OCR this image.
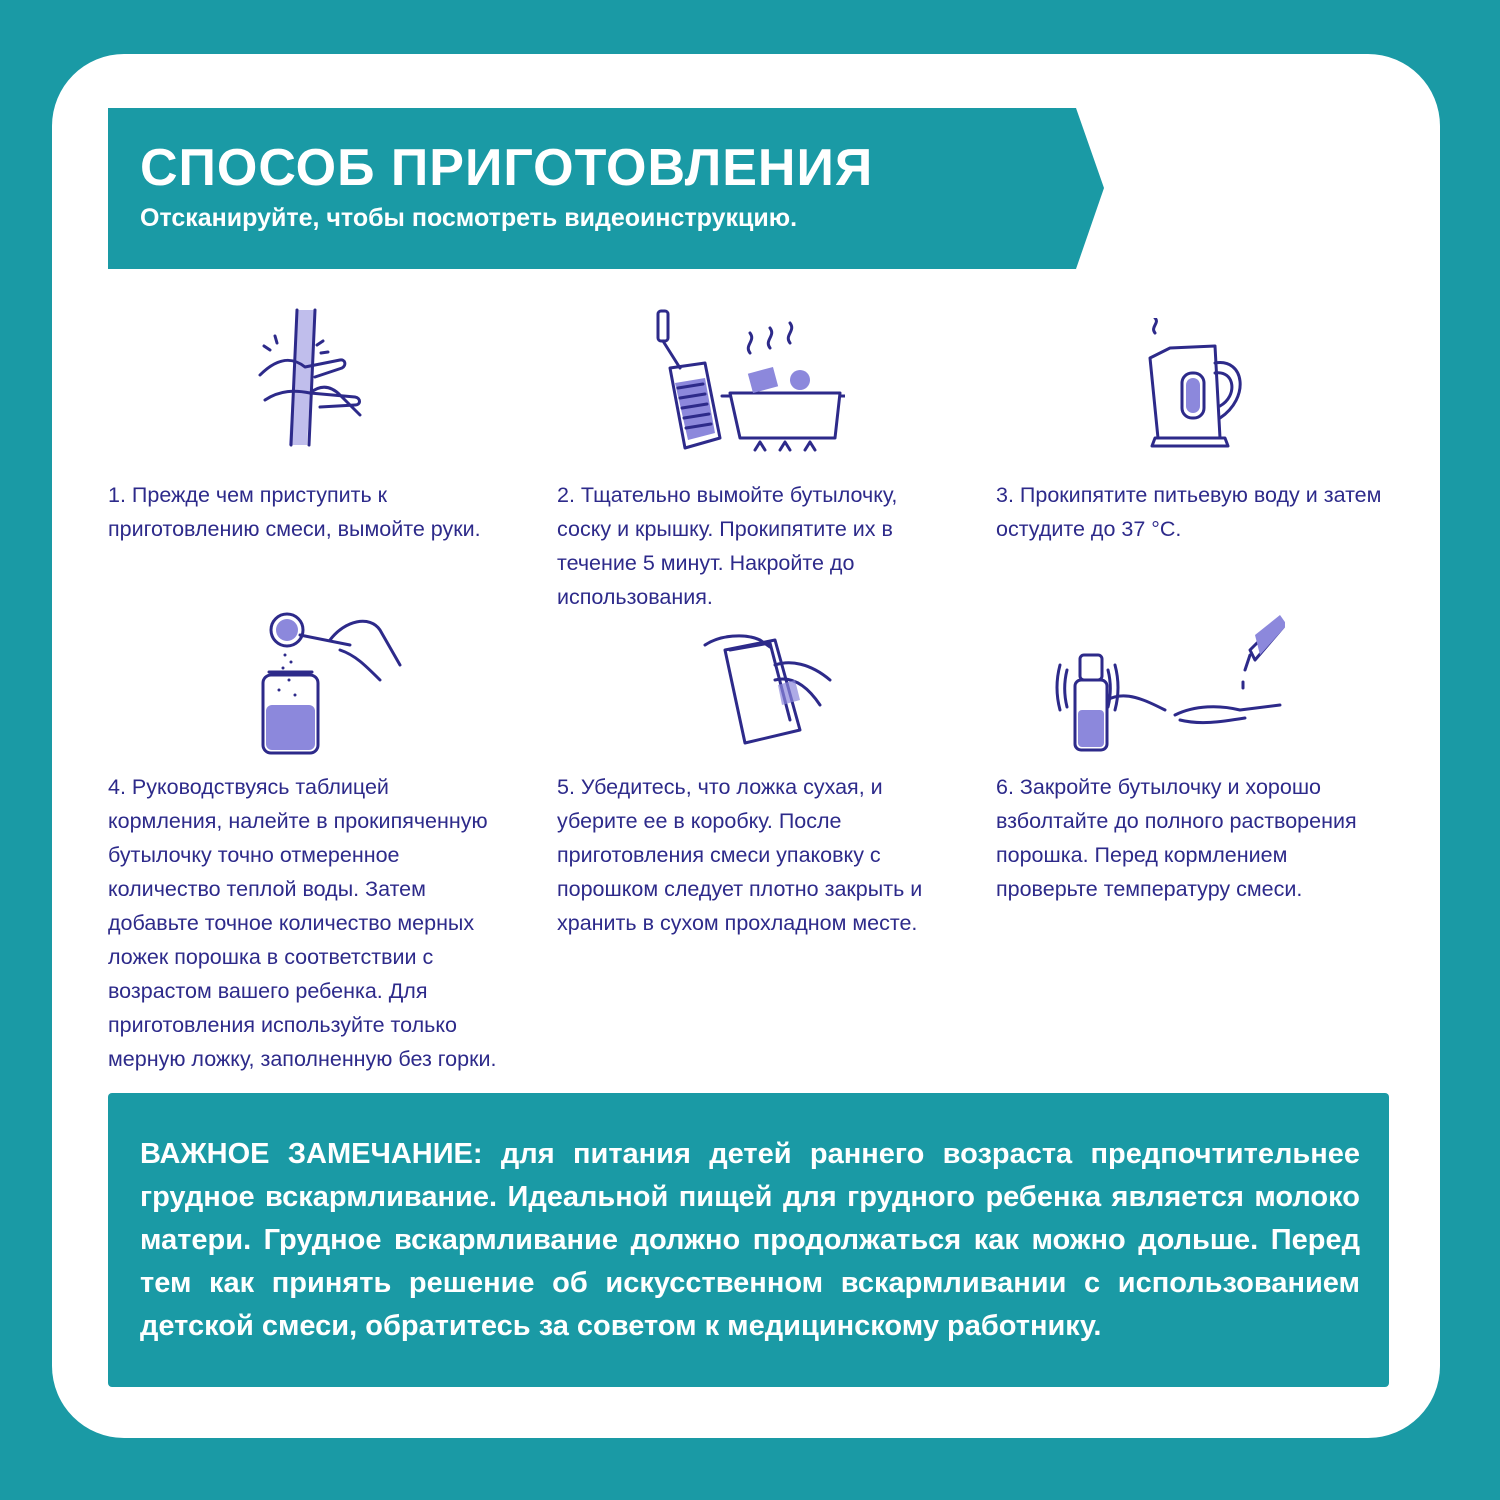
СПОСОБ ПРИГОТОВЛЕНИЯ
Отсканируйте, чтобы посмотреть видеоинструкцию.
1. Прежде чем приступить к приготовлению смеси, вымойте руки.
2. Тщательно вымойте бутылочку, соску и крышку. Прокипятите их в течение 5 минут. Накройте до использования.
3. Прокипятите питьевую воду и затем остудите до 37 °С.
4. Руководствуясь таблицей кормления, налейте в прокипяченную бутылочку точно отмеренное количество теплой воды. Затем добавьте точное количество мерных ложек порошка в соответствии с возрастом вашего ребенка. Для приготовления используйте только мерную ложку, заполненную без горки.
5. Убедитесь, что ложка сухая, и уберите ее в коробку. После приготовления смеси упаковку с порошком следует плотно закрыть и хранить в сухом прохладном месте.
6. Закройте бутылочку и хорошо взболтайте до полного растворения порошка. Перед кормлением проверьте температуру смеси.
ВАЖНОЕ ЗАМЕЧАНИЕ: для питания детей раннего возраста предпочтительнее грудное вскармливание. Идеальной пищей для грудного ребенка является молоко матери. Грудное вскармливание должно продолжаться как можно дольше. Перед тем как принять решение об искусственном вскармливании с использованием детской смеси, обратитесь за советом к медицинскому работнику.
